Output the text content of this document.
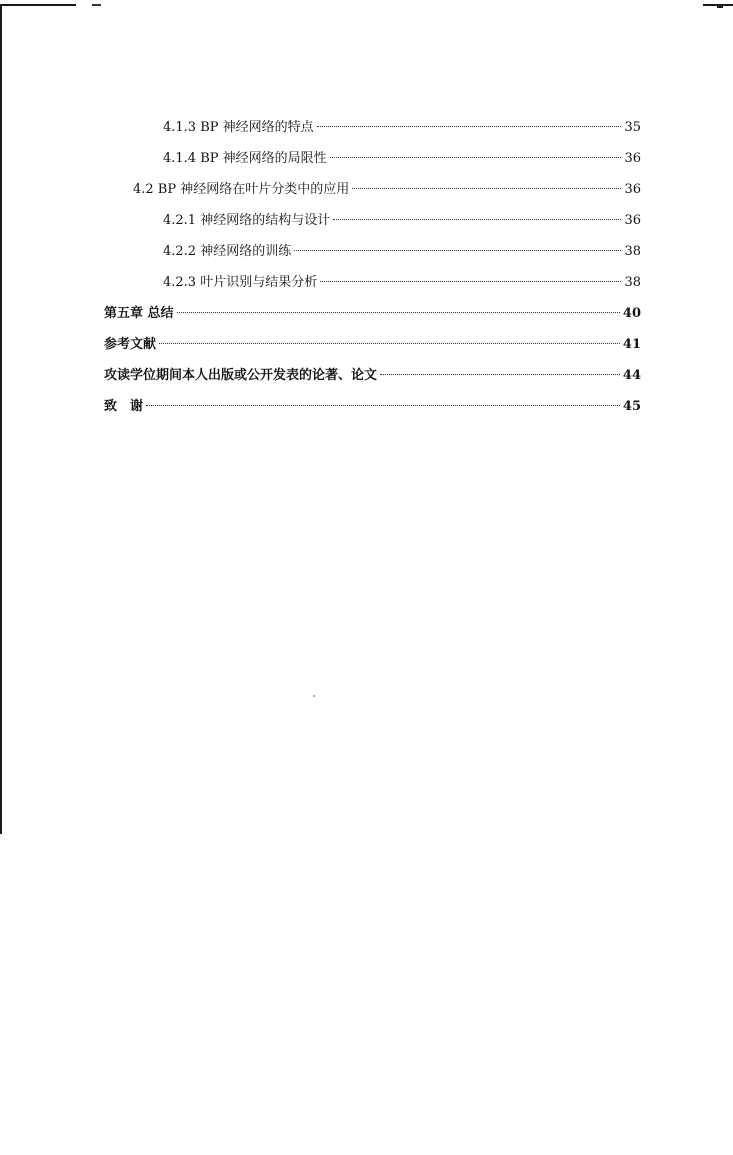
4.1.3 BP 神经网络的特点	35
4.1.4 BP 神经网络的局限性	36
4.2 BP 神经网络在叶片分类中的应用	36
4.2.1 神经网络的结构与设计	36
4.2.2 神经网络的训练	38
4.2.3 叶片识别与结果分析	38
第五章 总结	40
参考文献	41
攻读学位期间本人出版或公开发表的论著、论文	44
致　谢	45
